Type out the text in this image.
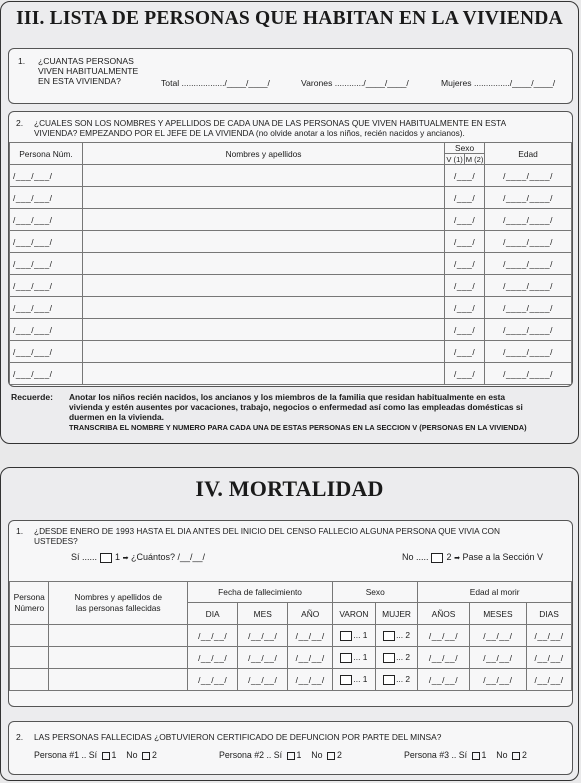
III. LISTA DE PERSONAS QUE HABITAN EN LA VIVIENDA
1. ¿CUANTAS PERSONAS
VIVEN HABITUALMENTE
EN ESTA VIVIENDA?	Total ................../____/____/	Varones ............/____/____/	Mujeres .............../____/____/
2. ¿CUALES SON LOS NOMBRES Y APELLIDOS DE CADA UNA DE LAS PERSONAS QUE VIVEN HABITUALMENTE EN ESTA
VIVIENDA? EMPEZANDO POR EL JEFE DE LA VIVIENDA (no olvide anotar a los niños, recién nacidos y ancianos).
Persona Núm.	Nombres y apellidos	Sexo		Edad
		V (1)	M (2)	
/___/___/		/___/		/____/____/
/___/___/		/___/		/____/____/
/___/___/		/___/		/____/____/
/___/___/		/___/		/____/____/
/___/___/		/___/		/____/____/
/___/___/		/___/		/____/____/
/___/___/		/___/		/____/____/
/___/___/		/___/		/____/____/
/___/___/		/___/		/____/____/
/___/___/		/___/		/____/____/
Recuerde: Anotar los niños recién nacidos, los ancianos y los miembros de la familia que residan habitualmente en esta
vivienda y estén ausentes por vacaciones, trabajo, negocios o enfermedad así como las empleadas domésticas si
duermen en la vivienda.
TRANSCRIBA EL NOMBRE Y NUMERO PARA CADA UNA DE ESTAS PERSONAS EN LA SECCION V (PERSONAS EN LA VIVIENDA)
IV. MORTALIDAD
1. ¿DESDE ENERO DE 1993 HASTA EL DIA ANTES DEL INICIO DEL CENSO FALLECIO ALGUNA PERSONA QUE VIVIA CON
USTEDES?
Sí ...... 1 ➡ ¿Cuántos? /__/__/	No ..... 2 ➡ Pase a la Sección V
Persona
Número	Nombres y apellidos de
las personas fallecidas	Fecha de fallecimiento			Sexo		Edad al morir		
		DIA	MES	AÑO	VARON	MUJER	AÑOS	MESES	DIAS
		/__/__/	/__/__/	/__/__/	... 1	... 2	/__/__/	/__/__/	/__/__/
		/__/__/	/__/__/	/__/__/	... 1	... 2	/__/__/	/__/__/	/__/__/
		/__/__/	/__/__/	/__/__/	... 1	... 2	/__/__/	/__/__/	/__/__/
2. LAS PERSONAS FALLECIDAS ¿OBTUVIERON CERTIFICADO DE DEFUNCION POR PARTE DEL MINSA?
Persona #1 .. Sí 1 No 2	Persona #2 .. Sí 1 No 2	Persona #3 .. Sí 1 No 2
